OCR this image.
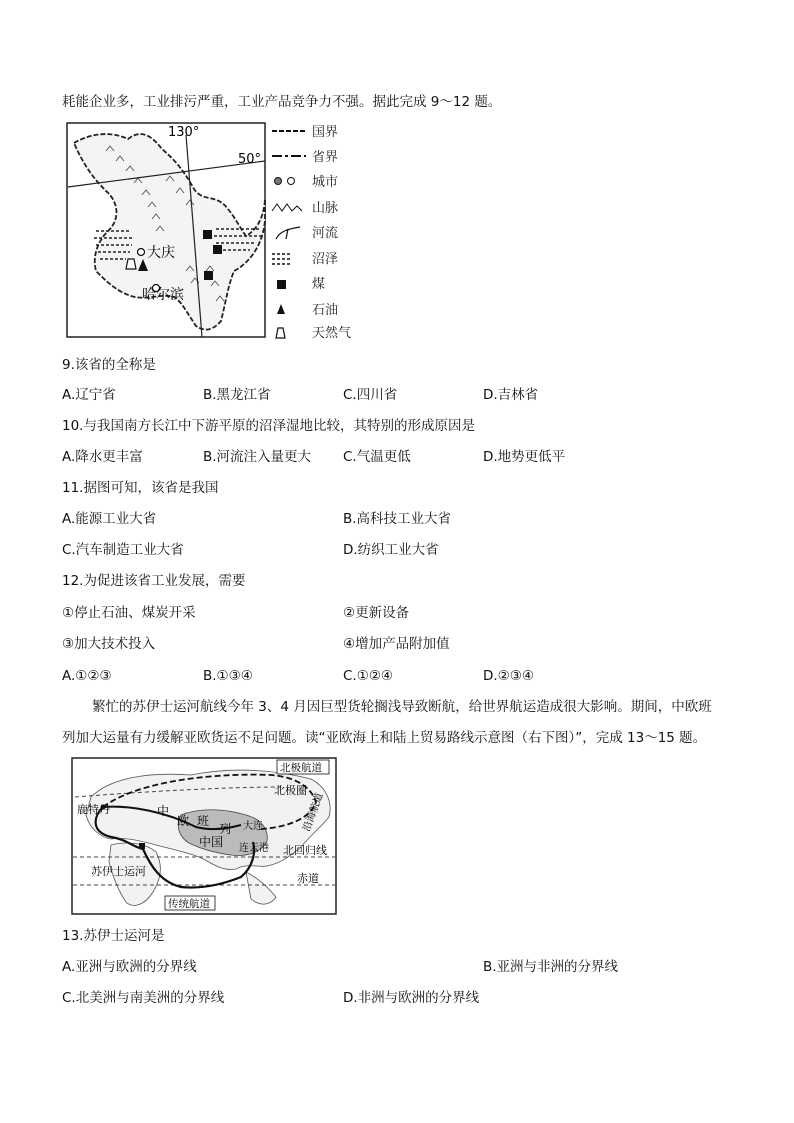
耗能企业多，工业排污严重，工业产品竞争力不强。据此完成 9～12 题。
130°
50°
大庆
哈尔滨
国界
省界
城市
山脉
河流
沼泽
煤
石油
天然气
9.该省的全称是
A.辽宁省	B.黑龙江省	C.四川省	D.吉林省
10.与我国南方长江中下游平原的沼泽湿地比较，其特别的形成原因是
A.降水更丰富	B.河流注入量更大 C.气温更低	D.地势更低平
11.据图可知，该省是我国
A.能源工业大省	B.高科技工业大省
C.汽车制造工业大省	D.纺织工业大省
12.为促进该省工业发展，需要
①停止石油、煤炭开采	②更新设备
③加大技术投入	④增加产品附加值
A.①②③	B.①③④	C.①②④	D.②③④
繁忙的苏伊士运河航线今年 3、4 月因巨型货轮搁浅导致断航，给世界航运造成很大影响。期间，中欧班
列加大运量有力缓解亚欧货运不足问题。读“亚欧海上和陆上贸易路线示意图（右下图）”，完成 13～15 题。
北极航道
北极圈
沿海航道
鹿特丹	中
欧 班
列
中国
大连
连云港 北回归线
赤道
苏伊士运河
传统航道
13.苏伊士运河是
A.亚洲与欧洲的分界线	B.亚洲与非洲的分界线
C.北美洲与南美洲的分界线	D.非洲与欧洲的分界线
